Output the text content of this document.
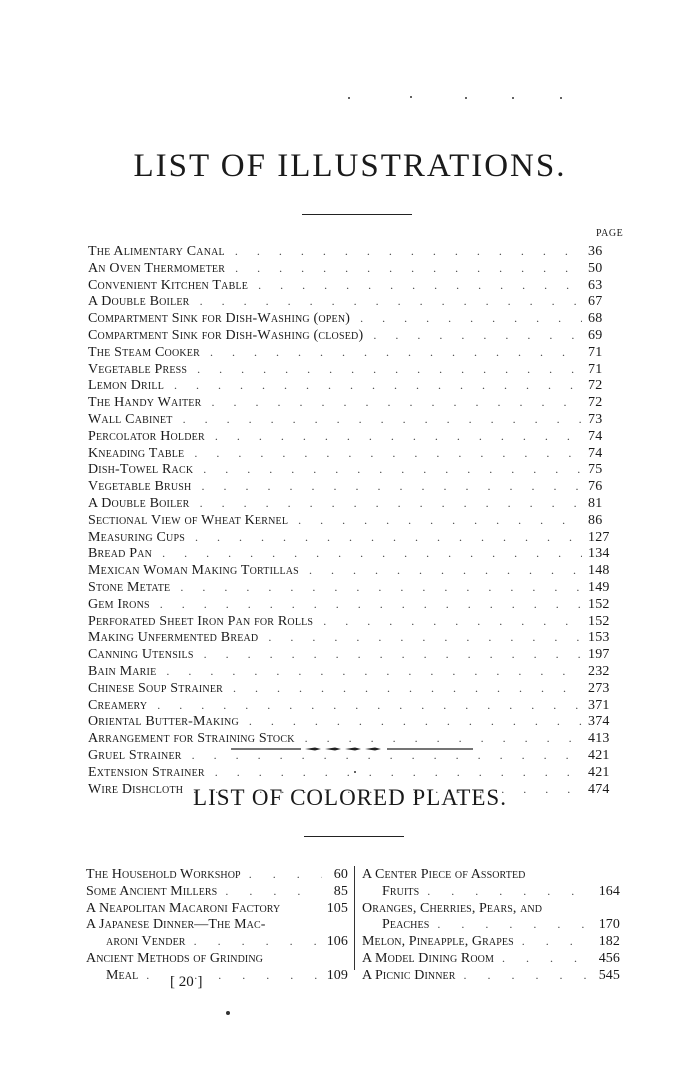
LIST OF ILLUSTRATIONS.
PAGE
The Alimentary Canal . . .	36
An Oven Thermometer . . .	50
Convenient Kitchen Table . . .	63
A Double Boiler . . .	67
Compartment Sink for Dish-Washing (open) . . .	68
Compartment Sink for Dish-Washing (closed) . . .	69
The Steam Cooker . . .	71
Vegetable Press . . .	71
Lemon Drill . . .	72
The Handy Waiter . . .	72
Wall Cabinet . . .	73
Percolator Holder . . .	74
Kneading Table . . .	74
Dish-Towel Rack . . .	75
Vegetable Brush . . .	76
A Double Boiler . . .	81
Sectional View of Wheat Kernel . . .	86
Measuring Cups . . .	127
Bread Pan . . .	134
Mexican Woman Making Tortillas . . .	148
Stone Metate . . .	149
Gem Irons . . .	152
Perforated Sheet Iron Pan for Rolls . . .	152
Making Unfermented Bread . . .	153
Canning Utensils . . .	197
Bain Marie . . .	232
Chinese Soup Strainer . . .	273
Creamery . . .	371
Oriental Butter-Making . . .	374
Arrangement for Straining Stock . . .	413
Gruel Strainer . . .	421
Extension Strainer . . .	421
Wire Dishcloth . . .	474
LIST OF COLORED PLATES.
The Household Workshop . . .	60
Some Ancient Millers . . .	85
A Neapolitan Macaroni Factory	105
A Japanese Dinner—The Mac-
aroni Vender . . .	106
Ancient Methods of Grinding
Meal . . .	109
A Center Piece of Assorted
Fruits . . .	164
Oranges, Cherries, Pears, and
Peaches . . .	170
Melon, Pineapple, Grapes . . .	182
A Model Dining Room . . .	456
A Picnic Dinner . . .	545
[ 20 ]
